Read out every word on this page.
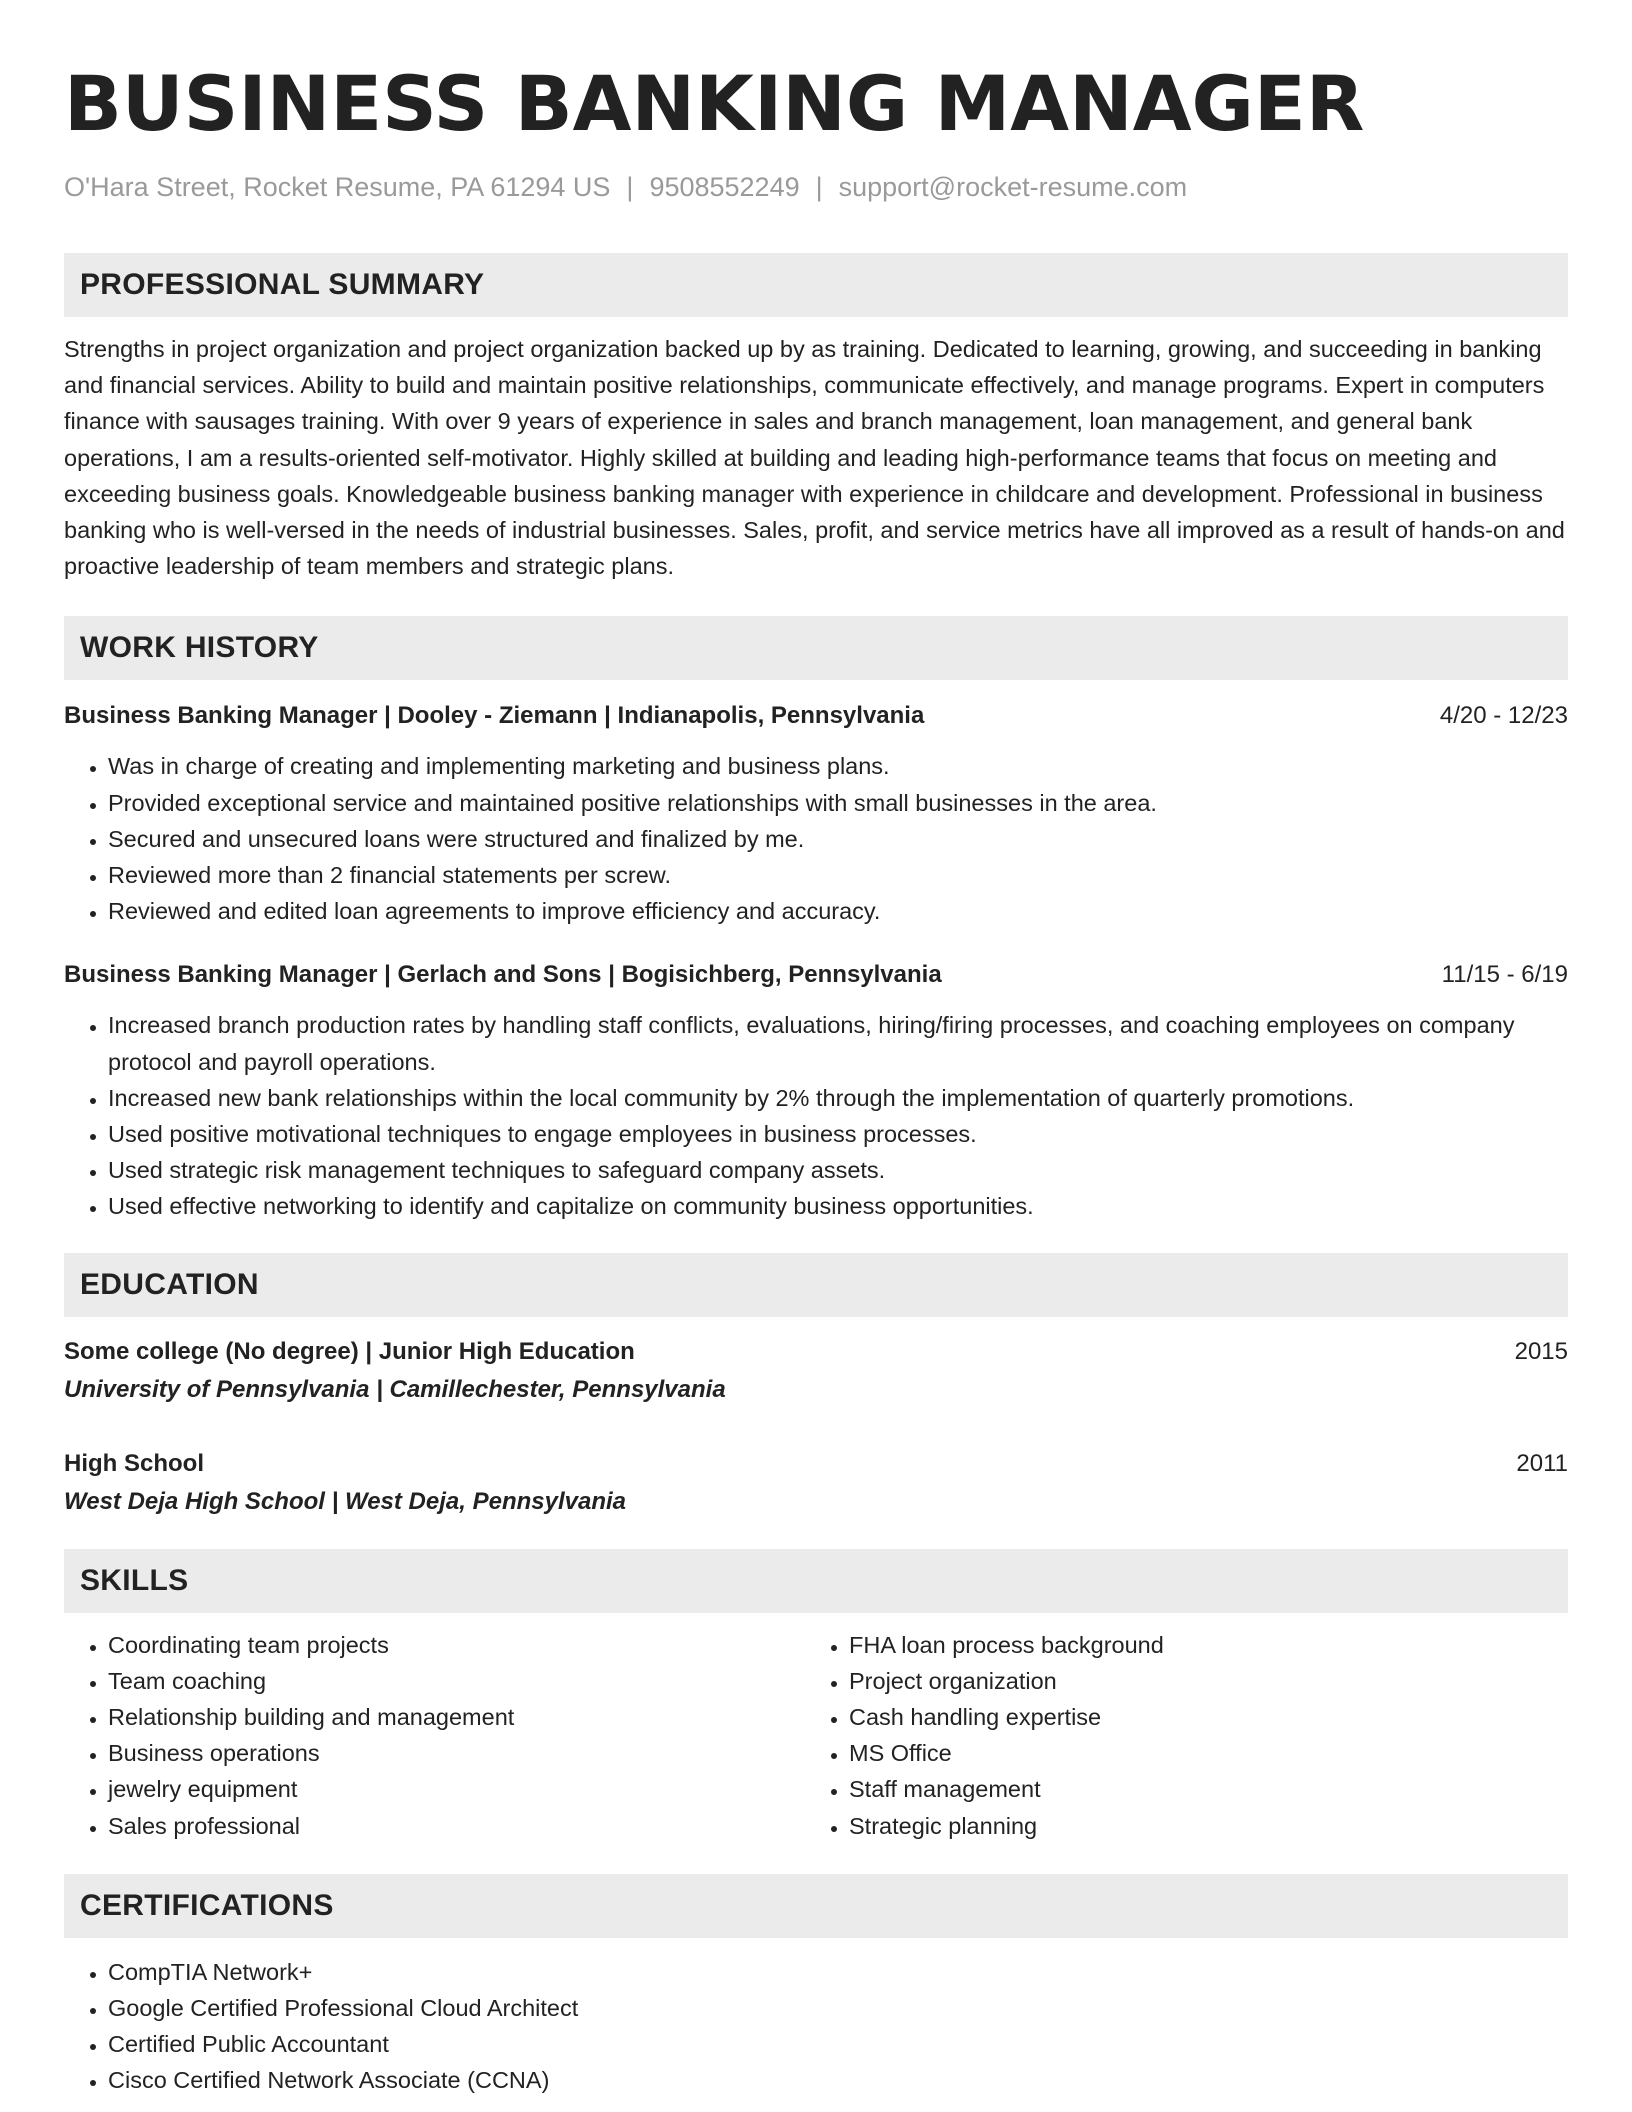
BUSINESS BANKING MANAGER
O'Hara Street, Rocket Resume, PA 61294 US | 9508552249 | support@rocket-resume.com
PROFESSIONAL SUMMARY
Strengths in project organization and project organization backed up by as training. Dedicated to learning, growing, and succeeding in banking and financial services. Ability to build and maintain positive relationships, communicate effectively, and manage programs. Expert in computers finance with sausages training. With over 9 years of experience in sales and branch management, loan management, and general bank operations, I am a results-oriented self-motivator. Highly skilled at building and leading high-performance teams that focus on meeting and exceeding business goals. Knowledgeable business banking manager with experience in childcare and development. Professional in business banking who is well-versed in the needs of industrial businesses. Sales, profit, and service metrics have all improved as a result of hands-on and proactive leadership of team members and strategic plans.
WORK HISTORY
Business Banking Manager | Dooley - Ziemann | Indianapolis, Pennsylvania	4/20 - 12/23
• Was in charge of creating and implementing marketing and business plans.
• Provided exceptional service and maintained positive relationships with small businesses in the area.
• Secured and unsecured loans were structured and finalized by me.
• Reviewed more than 2 financial statements per screw.
• Reviewed and edited loan agreements to improve efficiency and accuracy.
Business Banking Manager | Gerlach and Sons | Bogisichberg, Pennsylvania	11/15 - 6/19
• Increased branch production rates by handling staff conflicts, evaluations, hiring/firing processes, and coaching employees on company protocol and payroll operations.
• Increased new bank relationships within the local community by 2% through the implementation of quarterly promotions.
• Used positive motivational techniques to engage employees in business processes.
• Used strategic risk management techniques to safeguard company assets.
• Used effective networking to identify and capitalize on community business opportunities.
EDUCATION
Some college (No degree) | Junior High Education	2015
University of Pennsylvania | Camillechester, Pennsylvania
High School	2011
West Deja High School | West Deja, Pennsylvania
SKILLS
• Coordinating team projects
• Team coaching
• Relationship building and management
• Business operations
• jewelry equipment
• Sales professional
• FHA loan process background
• Project organization
• Cash handling expertise
• MS Office
• Staff management
• Strategic planning
CERTIFICATIONS
• CompTIA Network+
• Google Certified Professional Cloud Architect
• Certified Public Accountant
• Cisco Certified Network Associate (CCNA)
